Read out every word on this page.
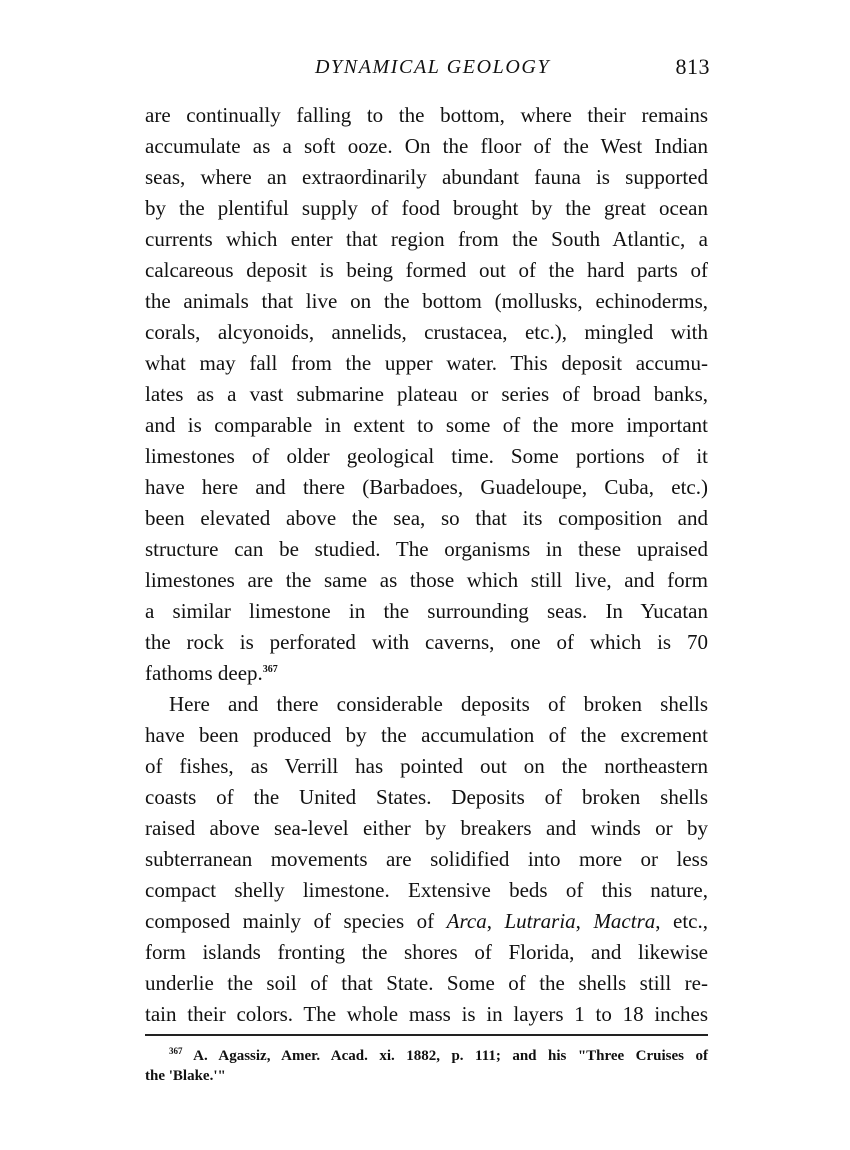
DYNAMICAL GEOLOGY	813
are continually falling to the bottom, where their remains
accumulate as a soft ooze. On the floor of the West Indian
seas, where an extraordinarily abundant fauna is supported
by the plentiful supply of food brought by the great ocean
currents which enter that region from the South Atlantic, a
calcareous deposit is being formed out of the hard parts of
the animals that live on the bottom (mollusks, echinoderms,
corals, alcyonoids, annelids, crustacea, etc.), mingled with
what may fall from the upper water. This deposit accumu-
lates as a vast submarine plateau or series of broad banks,
and is comparable in extent to some of the more important
limestones of older geological time. Some portions of it
have here and there (Barbadoes, Guadeloupe, Cuba, etc.)
been elevated above the sea, so that its composition and
structure can be studied. The organisms in these upraised
limestones are the same as those which still live, and form
a similar limestone in the surrounding seas. In Yucatan
the rock is perforated with caverns, one of which is 70
fathoms deep.$^{367}$
Here and there considerable deposits of broken shells
have been produced by the accumulation of the excrement
of fishes, as Verrill has pointed out on the northeastern
coasts of the United States. Deposits of broken shells
raised above sea-level either by breakers and winds or by
subterranean movements are solidified into more or less
compact shelly limestone. Extensive beds of this nature,
composed mainly of species of Arca, Lutraria, Mactra, etc.,
form islands fronting the shores of Florida, and likewise
underlie the soil of that State. Some of the shells still re-
tain their colors. The whole mass is in layers 1 to 18 inches
$^{367}$ A. Agassiz, Amer. Acad. xi. 1882, p. 111; and his "Three Cruises of
the 'Blake.'"
